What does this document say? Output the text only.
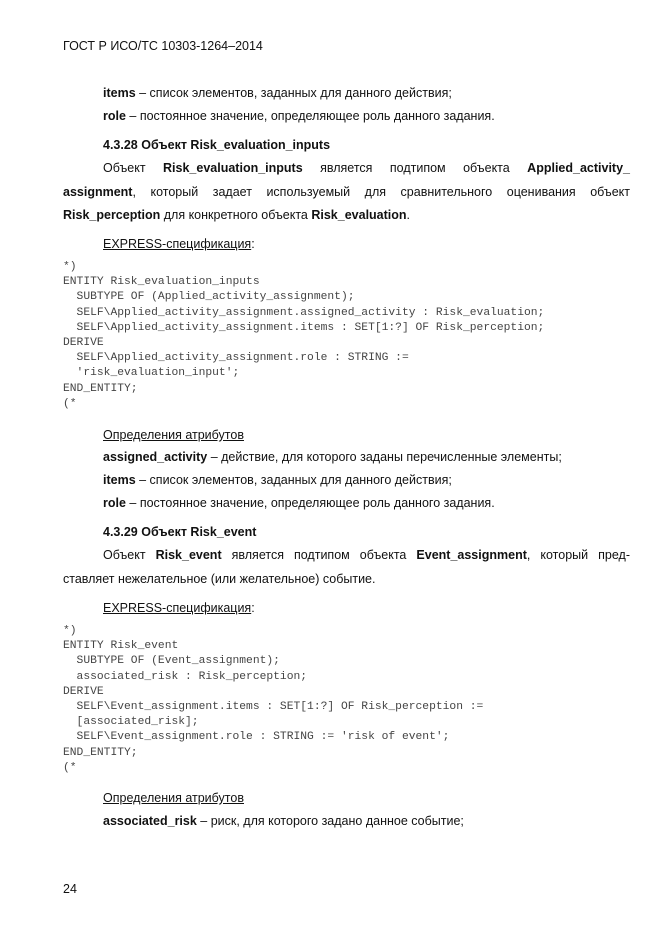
ГОСТ Р ИСО/ТС 10303-1264–2014
items – список элементов, заданных для данного действия;
role – постоянное значение, определяющее роль данного задания.
4.3.28 Объект Risk_evaluation_inputs
Объект Risk_evaluation_inputs является подтипом объекта Applied_activity_
assignment, который задает используемый для сравнительного оценивания объект
Risk_perception для конкретного объекта Risk_evaluation.
EXPRESS-спецификация:
*)
ENTITY Risk_evaluation_inputs
SUBTYPE OF (Applied_activity_assignment);
SELF\Applied_activity_assignment.assigned_activity : Risk_evaluation;
SELF\Applied_activity_assignment.items : SET[1:?] OF Risk_perception;
DERIVE
SELF\Applied_activity_assignment.role : STRING :=
'risk_evaluation_input';
END_ENTITY;
(*
Определения атрибутов
assigned_activity – действие, для которого заданы перечисленные элементы;
items – список элементов, заданных для данного действия;
role – постоянное значение, определяющее роль данного задания.
4.3.29 Объект Risk_event
Объект Risk_event является подтипом объекта Event_assignment, который пред-
ставляет нежелательное (или желательное) событие.
EXPRESS-спецификация:
*)
ENTITY Risk_event
SUBTYPE OF (Event_assignment);
associated_risk : Risk_perception;
DERIVE
SELF\Event_assignment.items : SET[1:?] OF Risk_perception :=
[associated_risk];
SELF\Event_assignment.role : STRING := 'risk of event';
END_ENTITY;
(*
Определения атрибутов
associated_risk – риск, для которого задано данное событие;
24
